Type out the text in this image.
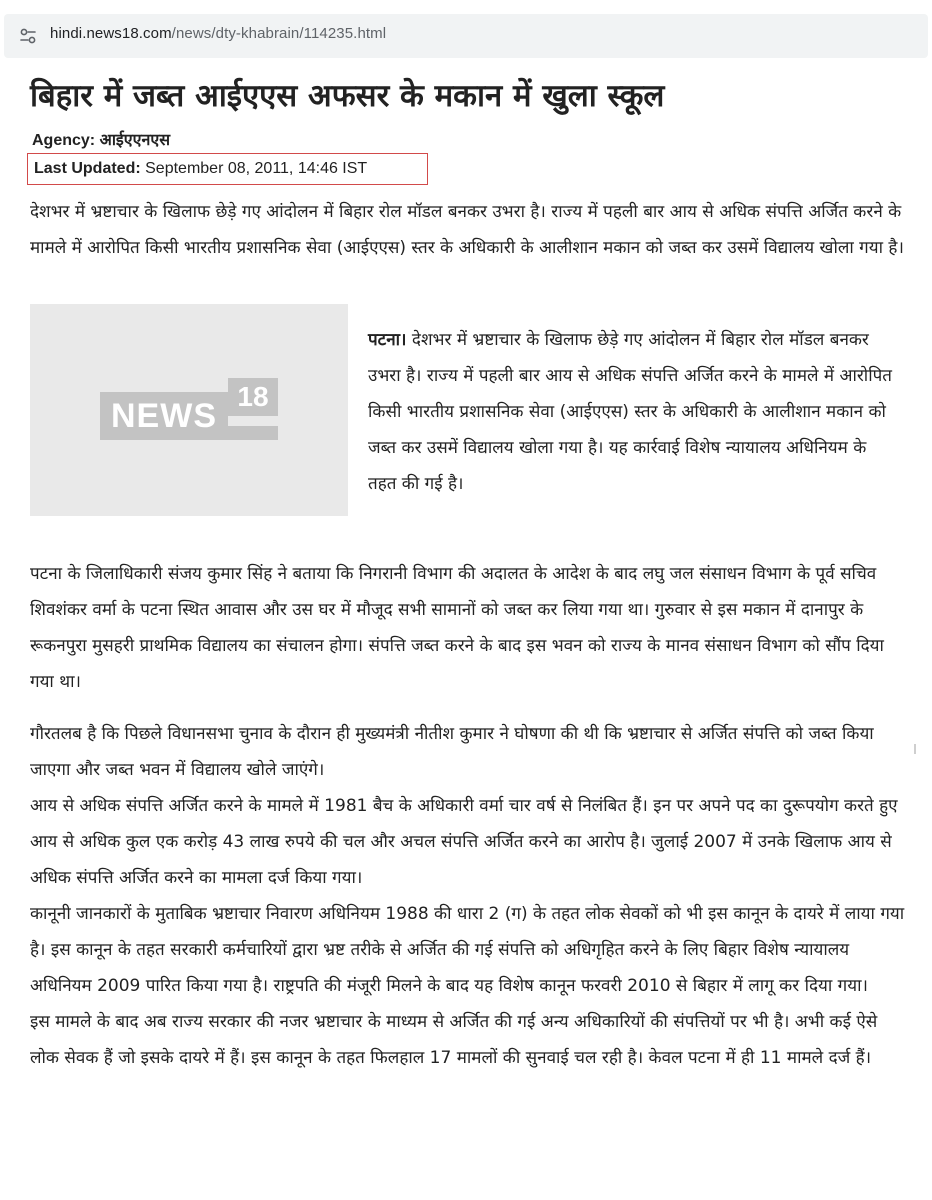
hindi.news18.com/news/dty-khabrain/114235.html
बिहार में जब्त आईएएस अफसर के मकान में खुला स्कूल
Agency: आईएएनएस
Last Updated: September 08, 2011, 14:46 IST

देशभर में भ्रष्टाचार के खिलाफ छेड़े गए आंदोलन में बिहार रोल मॉडल बनकर उभरा है। राज्य में पहली बार आय से अधिक संपत्ति अर्जित करने के मामले में आरोपित किसी भारतीय प्रशासनिक सेवा (आईएएस) स्तर के अधिकारी के आलीशान मकान को जब्त कर उसमें विद्यालय खोला गया है।

NEWS
18

पटना। देशभर में भ्रष्टाचार के खिलाफ छेड़े गए आंदोलन में बिहार रोल मॉडल बनकर उभरा है। राज्य में पहली बार आय से अधिक संपत्ति अर्जित करने के मामले में आरोपित किसी भारतीय प्रशासनिक सेवा (आईएएस) स्तर के अधिकारी के आलीशान मकान को जब्त कर उसमें विद्यालय खोला गया है। यह कार्रवाई विशेष न्यायालय अधिनियम के तहत की गई है।

पटना के जिलाधिकारी संजय कुमार सिंह ने बताया कि निगरानी विभाग की अदालत के आदेश के बाद लघु जल संसाधन विभाग के पूर्व सचिव शिवशंकर वर्मा के पटना स्थित आवास और उस घर में मौजूद सभी सामानों को जब्त कर लिया गया था। गुरुवार से इस मकान में दानापुर के रूकनपुरा मुसहरी प्राथमिक विद्यालय का संचालन होगा। संपत्ति जब्त करने के बाद इस भवन को राज्य के मानव संसाधन विभाग को सौंप दिया गया था।

गौरतलब है कि पिछले विधानसभा चुनाव के दौरान ही मुख्यमंत्री नीतीश कुमार ने घोषणा की थी कि भ्रष्टाचार से अर्जित संपत्ति को जब्त किया जाएगा और जब्त भवन में विद्यालय खोले जाएंगे।
आय से अधिक संपत्ति अर्जित करने के मामले में 1981 बैच के अधिकारी वर्मा चार वर्ष से निलंबित हैं। इन पर अपने पद का दुरूपयोग करते हुए आय से अधिक कुल एक करोड़ 43 लाख रुपये की चल और अचल संपत्ति अर्जित करने का आरोप है। जुलाई 2007 में उनके खिलाफ आय से अधिक संपत्ति अर्जित करने का मामला दर्ज किया गया।
कानूनी जानकारों के मुताबिक भ्रष्टाचार निवारण अधिनियम 1988 की धारा 2 (ग) के तहत लोक सेवकों को भी इस कानून के दायरे में लाया गया है। इस कानून के तहत सरकारी कर्मचारियों द्वारा भ्रष्ट तरीके से अर्जित की गई संपत्ति को अधिगृहित करने के लिए बिहार विशेष न्यायालय अधिनियम 2009 पारित किया गया है। राष्ट्रपति की मंजूरी मिलने के बाद यह विशेष कानून फरवरी 2010 से बिहार में लागू कर दिया गया।
इस मामले के बाद अब राज्य सरकार की नजर भ्रष्टाचार के माध्यम से अर्जित की गई अन्य अधिकारियों की संपत्तियों पर भी है। अभी कई ऐसे लोक सेवक हैं जो इसके दायरे में हैं। इस कानून के तहत फिलहाल 17 मामलों की सुनवाई चल रही है। केवल पटना में ही 11 मामले दर्ज हैं।
